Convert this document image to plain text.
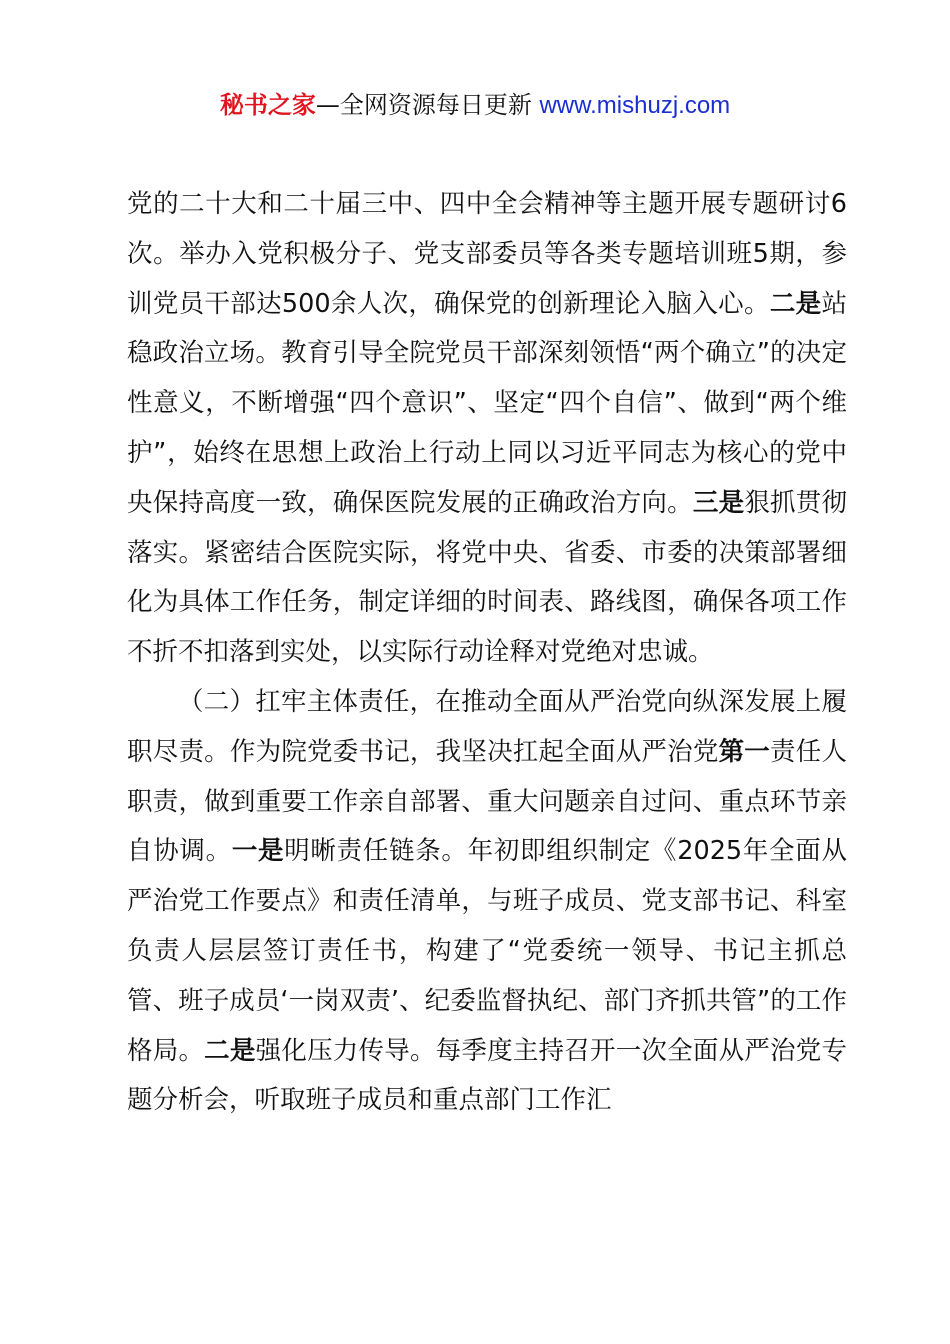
秘书之家—全网资源每日更新 www.mishuzj.com

党的二十大和二十届三中、四中全会精神等主题开展专题研讨6次。举办入党积极分子、党支部委员等各类专题培训班5期，参训党员干部达500余人次，确保党的创新理论入脑入心。二是站稳政治立场。教育引导全院党员干部深刻领悟“两个确立”的决定性意义，不断增强“四个意识”、坚定“四个自信”、做到“两个维护”，始终在思想上政治上行动上同以习近平同志为核心的党中央保持高度一致，确保医院发展的正确政治方向。三是狠抓贯彻落实。紧密结合医院实际，将党中央、省委、市委的决策部署细化为具体工作任务，制定详细的时间表、路线图，确保各项工作不折不扣落到实处，以实际行动诠释对党绝对忠诚。

（二）扛牢主体责任，在推动全面从严治党向纵深发展上履职尽责。作为院党委书记，我坚决扛起全面从严治党第一责任人职责，做到重要工作亲自部署、重大问题亲自过问、重点环节亲自协调。一是明晰责任链条。年初即组织制定《2025年全面从严治党工作要点》和责任清单，与班子成员、党支部书记、科室负责人层层签订责任书，构建了“党委统一领导、书记主抓总管、班子成员‘一岗双责’、纪委监督执纪、部门齐抓共管”的工作格局。二是强化压力传导。每季度主持召开一次全面从严治党专题分析会，听取班子成员和重点部门工作汇
